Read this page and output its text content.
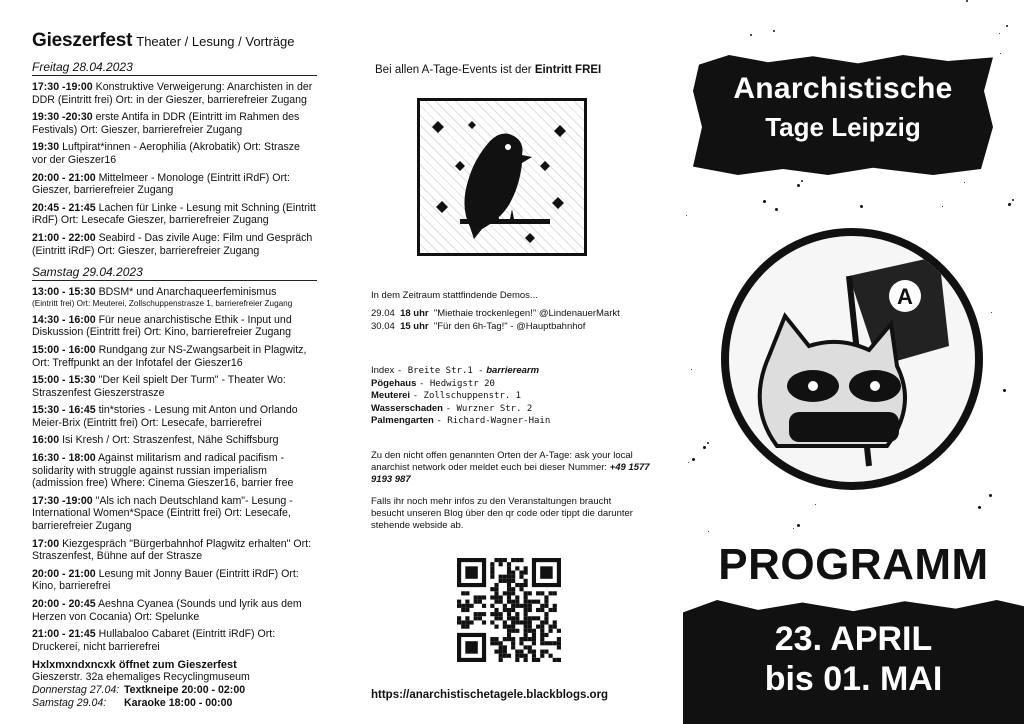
Gieszerfest Theater / Lesung / Vorträge
Freitag 28.04.2023
17:30 -19:00 Konstruktive Verweigerung: Anarchisten in der DDR (Eintritt frei) Ort: in der Gieszer, barrierefreier Zugang
19:30 -20:30 erste Antifa in DDR (Eintritt im Rahmen des Festivals) Ort: Gieszer, barrierefreier Zugang
19:30 Luftpirat*innen - Aerophilia (Akrobatik) Ort: Strasze vor der Gieszer16
20:00 - 21:00 Mittelmeer - Monologe (Eintritt iRdF) Ort: Gieszer, barrierefreier Zugang
20:45 - 21:45 Lachen für Linke - Lesung mit Schning (Eintritt iRdF) Ort: Lesecafe Gieszer, barrierefreier Zugang
21:00 - 22:00 Seabird - Das zivile Auge: Film und Gespräch (Eintritt iRdF) Ort: Gieszer, barrierefreier Zugang
Samstag 29.04.2023
13:00 - 15:30 BDSM* und Anarchaqueerfeminismus
(Eintritt frei) Ort: Meuterei, Zollschuppenstrasze 1, barrierefreier Zugang
14:30 - 16:00 Für neue anarchistische Ethik - Input und Diskussion (Eintritt frei) Ort: Kino, barrierefreier Zugang
15:00 - 16:00 Rundgang zur NS-Zwangsarbeit in Plagwitz, Ort: Treffpunkt an der Infotafel der Gieszer16
15:00 - 15:30 "Der Keil spielt Der Turm" - Theater Wo: Straszenfest Gieszerstrasze
15:30 - 16:45 tin*stories - Lesung mit Anton und Orlando Meier-Brix (Eintritt frei) Ort: Lesecafe, barrierefrei
16:00 Isi Kresh / Ort: Straszenfest, Nähe Schiffsburg
16:30 - 18:00 Against militarism and radical pacifism - solidarity with struggle against russian imperialism (admission free) Where: Cinema Gieszer16, barrier free
17:30 -19:00 "Als ich nach Deutschland kam"- Lesung - International Women*Space (Eintritt frei) Ort: Lesecafe, barrierefreier Zugang
17:00 Kiezgespräch "Bürgerbahnhof Plagwitz erhalten" Ort: Straszenfest, Bühne auf der Strasze
20:00 - 21:00 Lesung mit Jonny Bauer (Eintritt iRdF) Ort: Kino, barrierefrei
20:00 - 20:45 Aeshna Cyanea (Sounds und lyrik aus dem Herzen von Cocania) Ort: Spelunke
21:00 - 21:45 Hullabaloo Cabaret (Eintritt iRdF) Ort: Druckerei, nicht barrierefrei
Hxlxmxndxncxk öffnet zum Gieszerfest
Gieszerstr. 32a ehemaliges Recyclingmuseum
Donnerstag 27.04: Textkneipe 20:00 - 02:00
Samstag 29.04:	Karaoke 18:00 - 00:00
Bei allen A-Tage-Events ist der Eintritt FREI
In dem Zeitraum stattfindende Demos...
29.04 18 uhr "Miethaie trockenlegen!" @LindenauerMarkt
30.04 15 uhr "Für den 6h-Tag!" - @Hauptbahnhof
Index - Breite Str.1 - barrierearm
Pögehaus - Hedwigstr 20
Meuterei - Zollschuppenstr. 1
Wasserschaden - Wurzner Str. 2
Palmengarten - Richard-Wagner-Hain
Zu den nicht offen genannten Orten der A-Tage: ask your local anarchist network oder meldet euch bei dieser Nummer: +49 1577 9193 987
Falls ihr noch mehr infos zu den Veranstaltungen braucht besucht unseren Blog über den qr code oder tippt die darunter stehende webside ab.
https://anarchistischetagele.blackblogs.org
Anarchistische
Tage Leipzig
A
PROGRAMM
23. APRIL
bis 01. MAI
